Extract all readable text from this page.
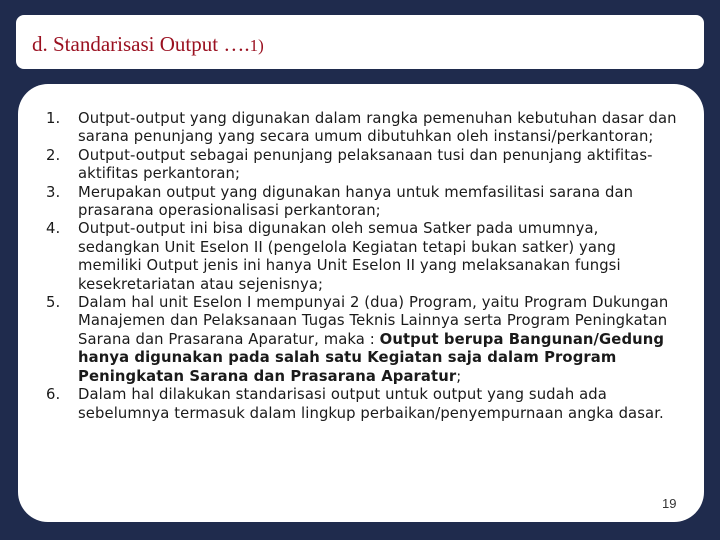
d. Standarisasi Output ….1)
1. Output-output yang digunakan dalam rangka pemenuhan kebutuhan dasar dan sarana penunjang yang secara umum dibutuhkan oleh instansi/perkantoran;
2. Output-output sebagai penunjang pelaksanaan tusi dan penunjang aktifitas-aktifitas perkantoran;
3. Merupakan output yang digunakan hanya untuk memfasilitasi sarana dan prasarana operasionalisasi perkantoran;
4. Output-output ini bisa digunakan oleh semua Satker pada umumnya, sedangkan Unit Eselon II (pengelola Kegiatan tetapi bukan satker) yang memiliki Output jenis ini hanya Unit Eselon II yang melaksanakan fungsi kesekretariatan atau sejenisnya;
5. Dalam hal unit Eselon I mempunyai 2 (dua) Program, yaitu Program Dukungan Manajemen dan Pelaksanaan Tugas Teknis Lainnya serta Program Peningkatan Sarana dan Prasarana Aparatur, maka : Output berupa Bangunan/Gedung hanya digunakan pada salah satu Kegiatan saja dalam Program Peningkatan Sarana dan Prasarana Aparatur;
6. Dalam hal dilakukan standarisasi output untuk output yang sudah ada sebelumnya termasuk dalam lingkup perbaikan/penyempurnaan angka dasar.
19
